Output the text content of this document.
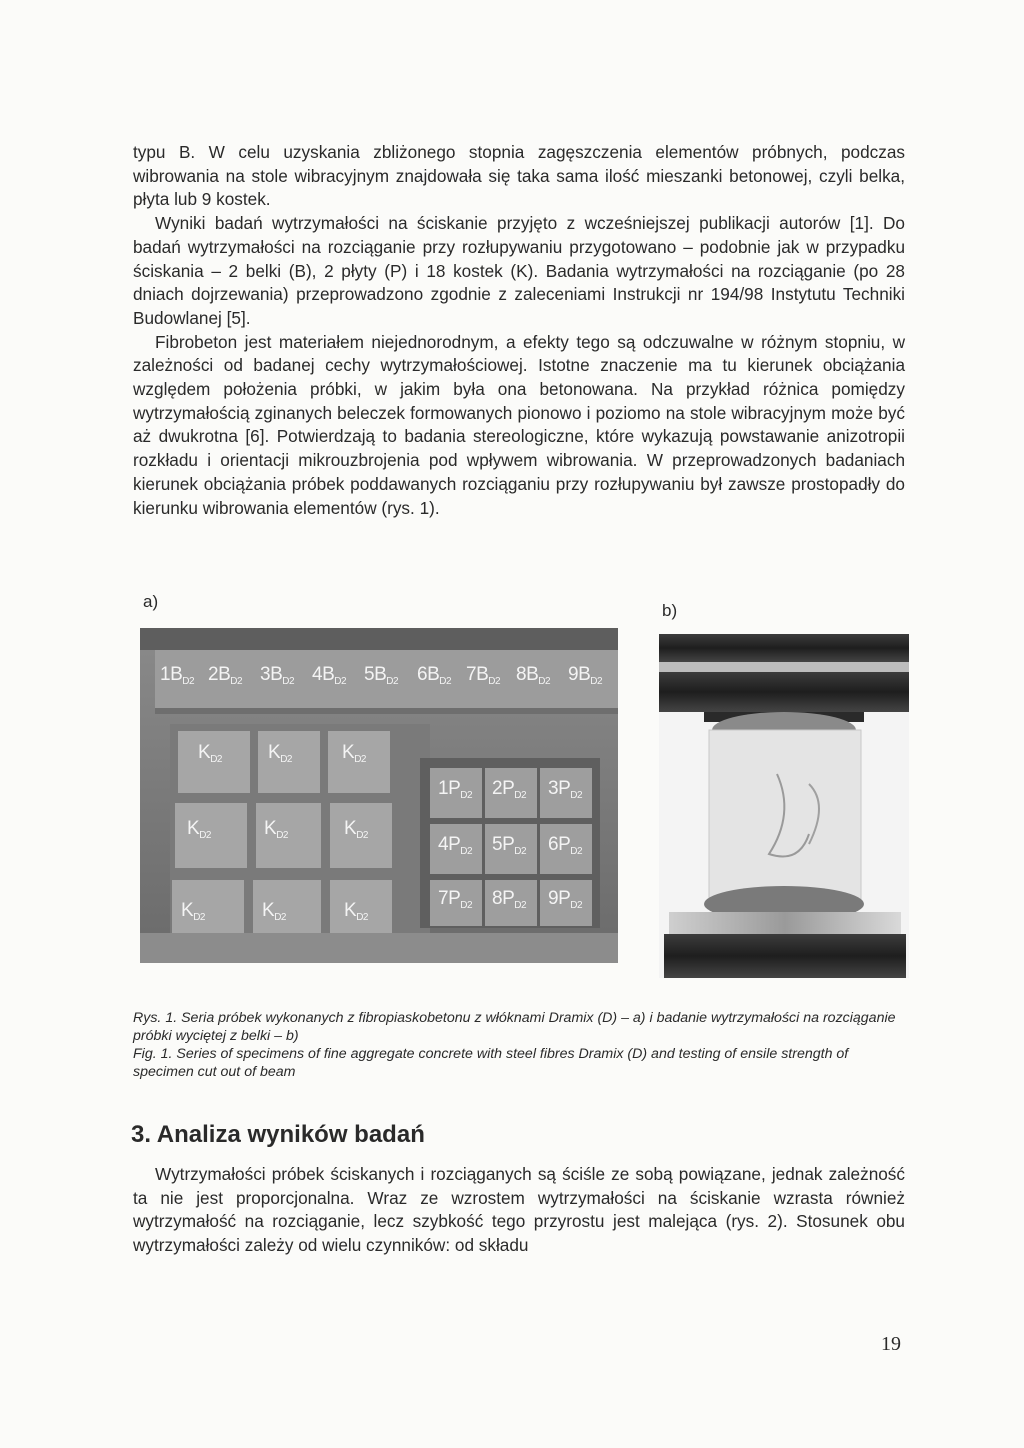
typu B. W celu uzyskania zbliżonego stopnia zagęszczenia elementów próbnych, podczas wibrowania na stole wibracyjnym znajdowała się taka sama ilość mieszanki betonowej, czyli belka, płyta lub 9 kostek.

Wyniki badań wytrzymałości na ściskanie przyjęto z wcześniejszej publikacji autorów [1]. Do badań wytrzymałości na rozciąganie przy rozłupywaniu przygotowano – podobnie jak w przypadku ściskania – 2 belki (B), 2 płyty (P) i 18 kostek (K). Badania wytrzymałości na rozciąganie (po 28 dniach dojrzewania) przeprowadzono zgodnie z zaleceniami Instrukcji nr 194/98 Instytutu Techniki Budowlanej [5].

Fibrobeton jest materiałem niejednorodnym, a efekty tego są odczuwalne w różnym stopniu, w zależności od badanej cechy wytrzymałościowej. Istotne znaczenie ma tu kierunek obciążania względem położenia próbki, w jakim była ona betonowana. Na przykład różnica pomiędzy wytrzymałością zginanych beleczek formowanych pionowo i poziomo na stole wibracyjnym może być aż dwukrotna [6]. Potwierdzają to badania stereologiczne, które wykazują powstawanie anizotropii rozkładu i orientacji mikrouzbrojenia pod wpływem wibrowania. W przeprowadzonych badaniach kierunek obciążania próbek poddawanych rozciąganiu przy rozłupywaniu był zawsze prostopadły do kierunku wibrowania elementów (rys. 1).

a)	b)
$1B_{D2}$ $2B_{D2}$ $3B_{D2}$ $4B_{D2}$ $5B_{D2}$ $6B_{D2}$ $7B_{D2}$ $8B_{D2}$ $9B_{D2}$
$K_{D2}$ $K_{D2}$	$K_{D2}$
$K_{D2}$	$K_{D2}$	$K_{D2}$
$K_{D2}$	$K_{D2}$	$K_{D2}$
$1P_{D2}$ $2P_{D2}$ $3P_{D2}$
$4P_{D2}$ $5P_{D2}$ $6P_{D2}$
$7P_{D2}$ $8P_{D2}$ $9P_{D2}$

Rys. 1. Seria próbek wykonanych z fibropiaskobetonu z włóknami Dramix (D) – a) i badanie wytrzymałości na rozciąganie próbki wyciętej z belki – b)

Fig. 1. Series of specimens of fine aggregate concrete with steel fibres Dramix (D) and testing of ensile strength of specimen cut out of beam

3. Analiza wyników badań

Wytrzymałości próbek ściskanych i rozciąganych są ściśle ze sobą powiązane, jednak zależność ta nie jest proporcjonalna. Wraz ze wzrostem wytrzymałości na ściskanie wzrasta również wytrzymałość na rozciąganie, lecz szybkość tego przyrostu jest malejąca (rys. 2). Stosunek obu wytrzymałości zależy od wielu czynników: od składu

19
